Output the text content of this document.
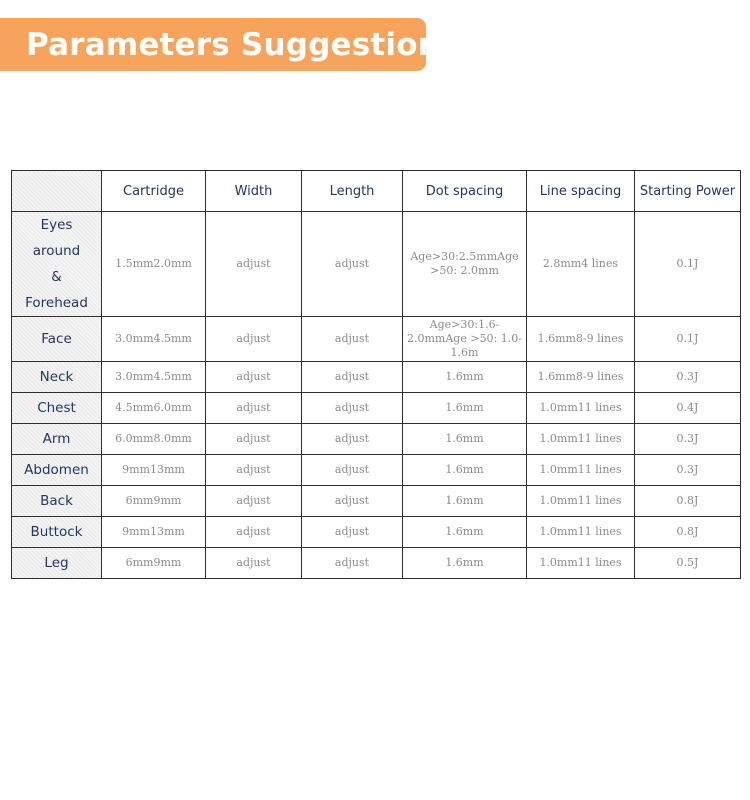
Parameters Suggestion
	Cartridge	Width	Length	Dot spacing	Line spacing	Starting Power
Eyes around
&
Forehead	1.5mm2.0mm	adjust	adjust	Age>30:2.5mmAge >50: 2.0mm	2.8mm4 lines	0.1J
Face	3.0mm4.5mm	adjust	adjust	Age>30:1.6-2.0mmAge >50: 1.0-1.6m	1.6mm8-9 lines	0.1J
Neck	3.0mm4.5mm	adjust	adjust	1.6mm	1.6mm8-9 lines	0.3J
Chest	4.5mm6.0mm	adjust	adjust	1.6mm	1.0mm11 lines	0.4J
Arm	6.0mm8.0mm	adjust	adjust	1.6mm	1.0mm11 lines	0.3J
Abdomen	9mm13mm	adjust	adjust	1.6mm	1.0mm11 lines	0.3J
Back	6mm9mm	adjust	adjust	1.6mm	1.0mm11 lines	0.8J
Buttock	9mm13mm	adjust	adjust	1.6mm	1.0mm11 lines	0.8J
Leg	6mm9mm	adjust	adjust	1.6mm	1.0mm11 lines	0.5J
